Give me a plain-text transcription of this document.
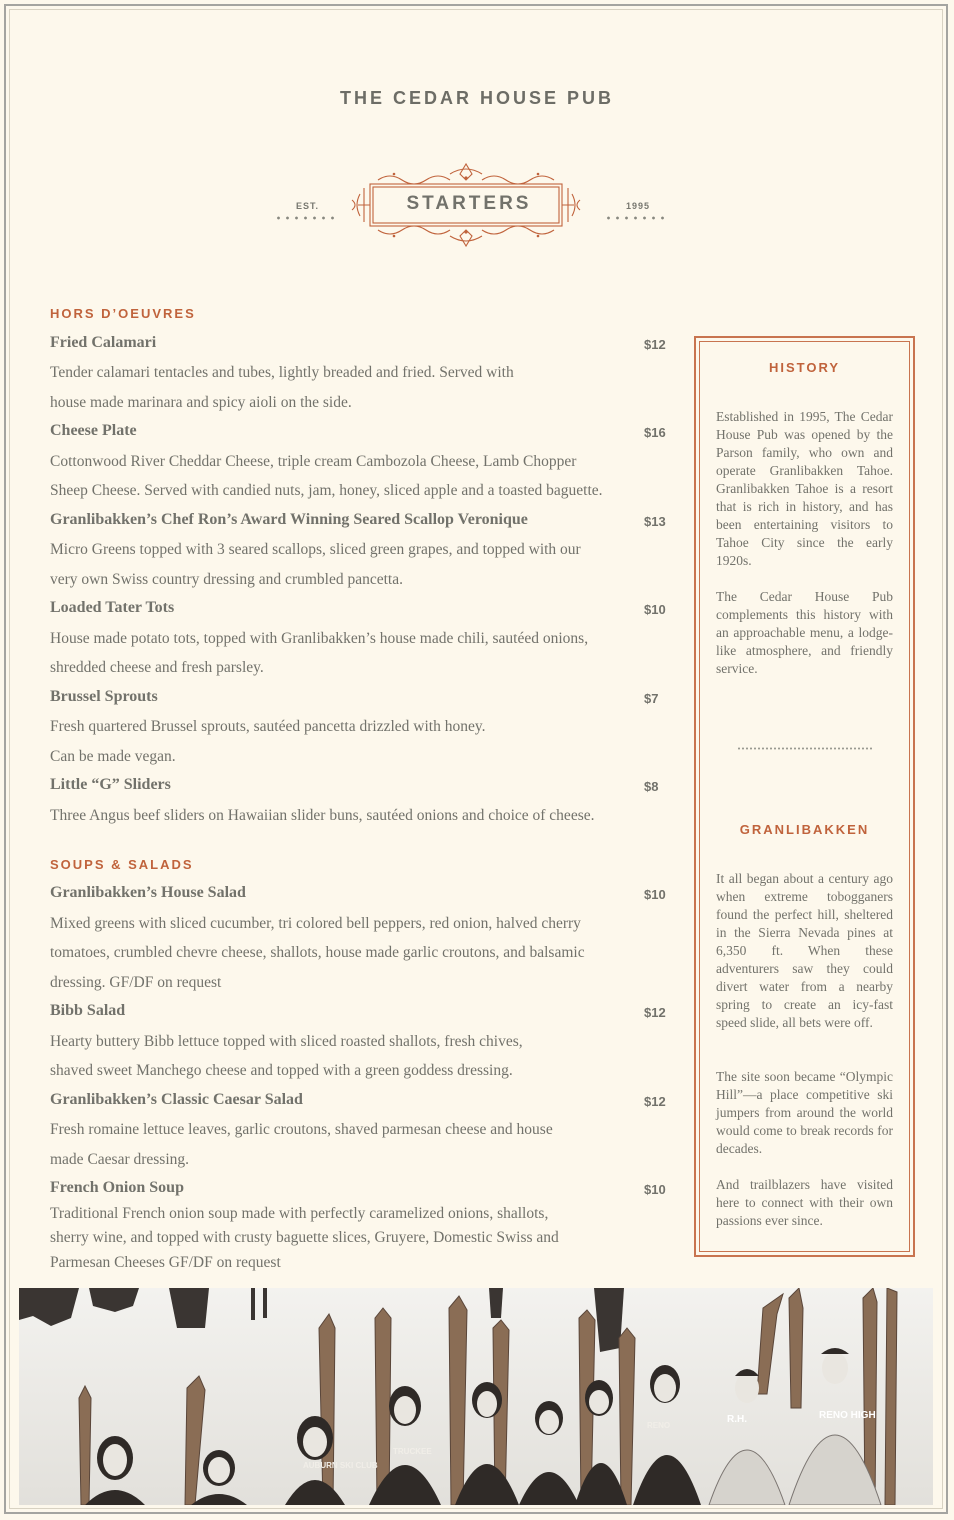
THE CEDAR HOUSE PUB
EST.	1995
STARTERS
HORS D’OEUVRES
Fried Calamari	$12
Tender calamari tentacles and tubes, lightly breaded and fried. Served with
house made marinara and spicy aioli on the side.
Cheese Plate	$16
Cottonwood River Cheddar Cheese, triple cream Cambozola Cheese, Lamb Chopper
Sheep Cheese. Served with candied nuts, jam, honey, sliced apple and a toasted baguette.
Granlibakken’s Chef Ron’s Award Winning Seared Scallop Veronique	$13
Micro Greens topped with 3 seared scallops, sliced green grapes, and topped with our
very own Swiss country dressing and crumbled pancetta.
Loaded Tater Tots	$10
House made potato tots, topped with Granlibakken’s house made chili, sautéed onions,
shredded cheese and fresh parsley.
Brussel Sprouts	$7
Fresh quartered Brussel sprouts, sautéed pancetta drizzled with honey.
Can be made vegan.
Little “G” Sliders	$8
Three Angus beef sliders on Hawaiian slider buns, sautéed onions and choice of cheese.
SOUPS & SALADS
Granlibakken’s House Salad	$10
Mixed greens with sliced cucumber, tri colored bell peppers, red onion, halved cherry
tomatoes, crumbled chevre cheese, shallots, house made garlic croutons, and balsamic
dressing. GF/DF on request
Bibb Salad	$12
Hearty buttery Bibb lettuce topped with sliced roasted shallots, fresh chives,
shaved sweet Manchego cheese and topped with a green goddess dressing.
Granlibakken’s Classic Caesar Salad	$12
Fresh romaine lettuce leaves, garlic croutons, shaved parmesan cheese and house
made Caesar dressing.
French Onion Soup	$10
Traditional French onion soup made with perfectly caramelized onions, shallots,
sherry wine, and topped with crusty baguette slices, Gruyere, Domestic Swiss and
Parmesan Cheeses GF/DF on request
HISTORY
Established in 1995, The Cedar House Pub was opened by the Parson family, who own and operate Granlibakken Tahoe. Granlibakken Tahoe is a resort that is rich in history, and has been entertaining visitors to Tahoe City since the early 1920s.
The Cedar House Pub complements this history with an approachable menu, a lodge-like atmosphere, and friendly service.
GRANLIBAKKEN
It all began about a century ago when extreme tobogganers found the perfect hill, sheltered in the Sierra Nevada pines at 6,350 ft. When these adventurers saw they could divert water from a nearby spring to create an icy-fast speed slide, all bets were off.
The site soon became “Olympic Hill”—a place competitive ski jumpers from around the world would come to break records for decades.
And trailblazers have visited here to connect with their own passions ever since.
AUBURN SKI CLUB
TRUCKEE
RENO
RENO HIGH
R.H.
